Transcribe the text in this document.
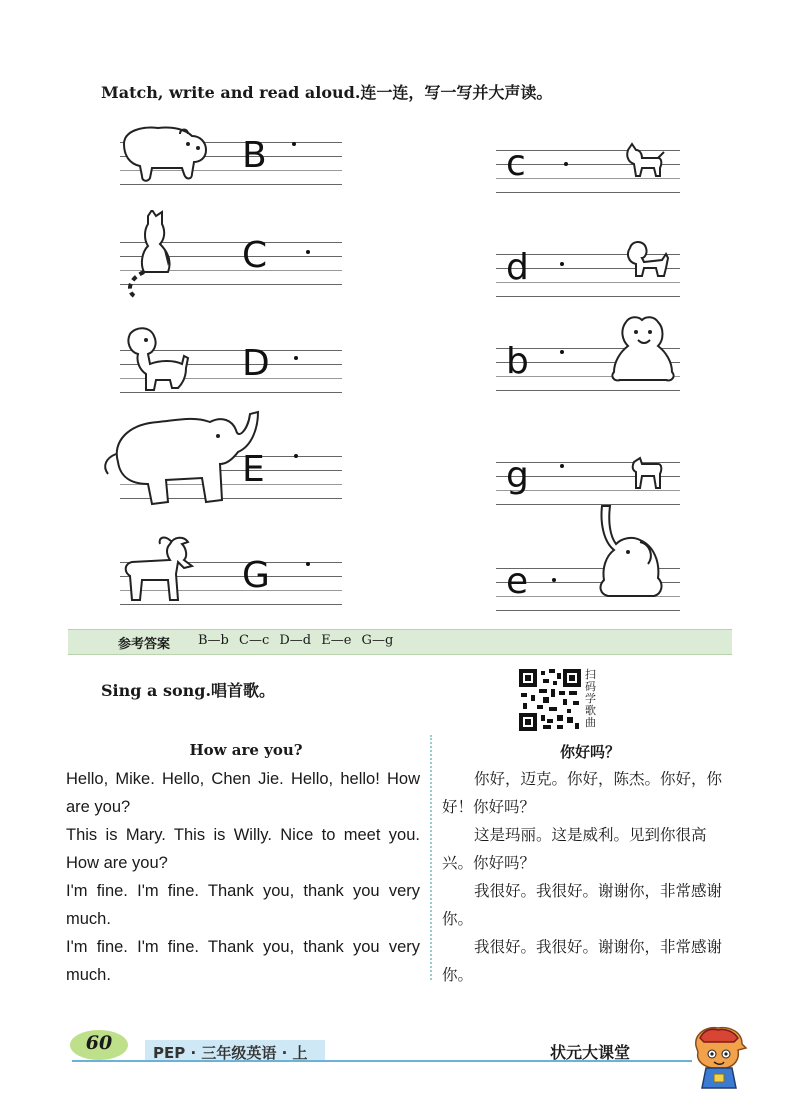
Match, write and read aloud.连一连，写一写并大声读。
B
C
D
E
G
c
d
b
g
e
参考答案 B—b C—c D—d E—e G—g
Sing a song.唱首歌。
扫码学歌曲
How are you?	你好吗？

Hello, Mike. Hello, Chen Jie. Hello, hello! How are you?

This is Mary. This is Willy. Nice to meet you. How are you?

I'm fine. I'm fine. Thank you, thank you very much.

I'm fine. I'm fine. Thank you, thank you very much.

你好，迈克。你好，陈杰。你好，你好！你好吗？

这是玛丽。这是威利。见到你很高兴。你好吗？

我很好。我很好。谢谢你，非常感谢你。

我很好。我很好。谢谢你，非常感谢你。

60	PEP · 三年级英语 · 上	状元大课堂
